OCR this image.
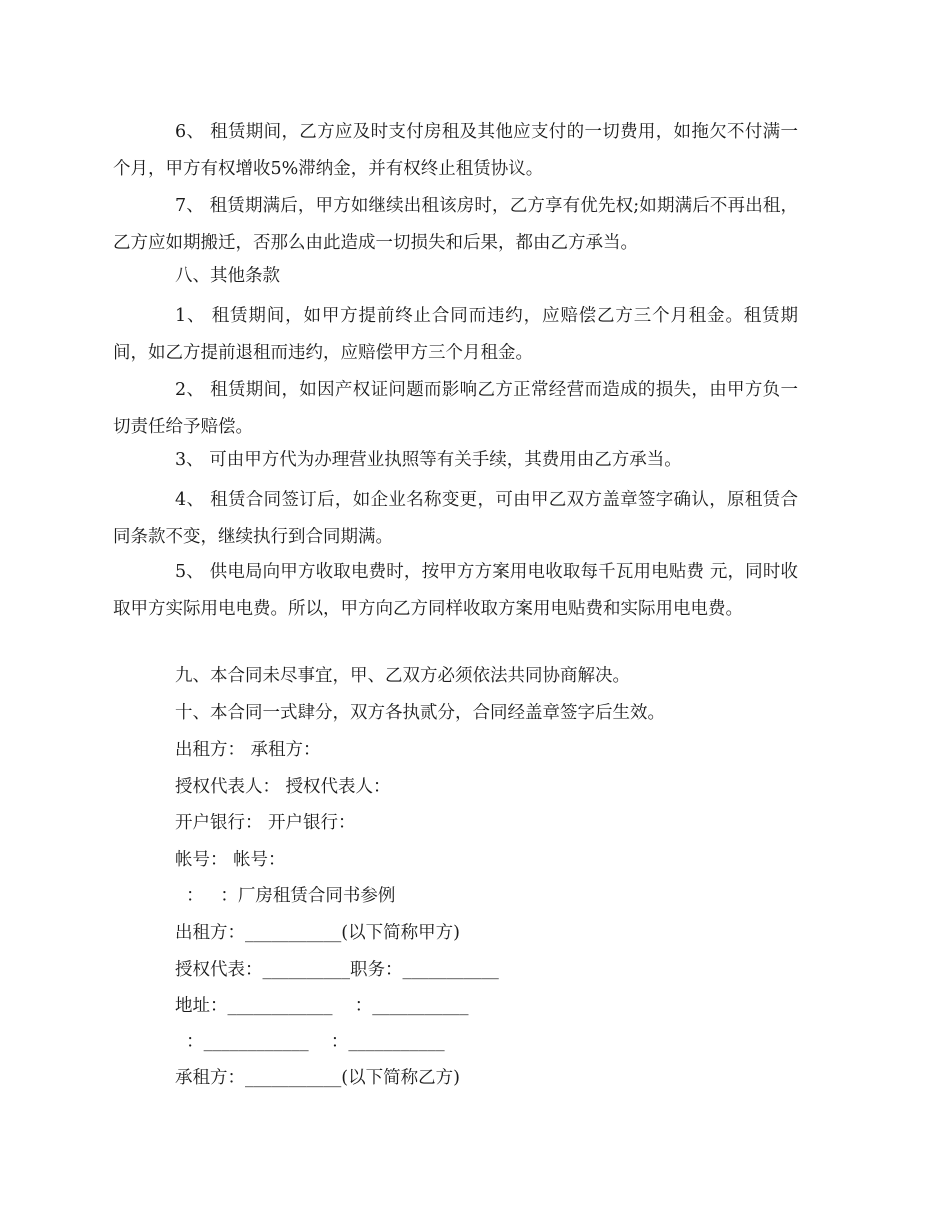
6、 租赁期间，乙方应及时支付房租及其他应支付的一切费用，如拖欠不付满一个月，甲方有权增收5%滞纳金，并有权终止租赁协议。
7、 租赁期满后，甲方如继续出租该房时，乙方享有优先权;如期满后不再出租，乙方应如期搬迁，否那么由此造成一切损失和后果，都由乙方承当。
八、其他条款
1、 租赁期间，如甲方提前终止合同而违约，应赔偿乙方三个月租金。租赁期间，如乙方提前退租而违约，应赔偿甲方三个月租金。
2、 租赁期间，如因产权证问题而影响乙方正常经营而造成的损失，由甲方负一切责任给予赔偿。
3、 可由甲方代为办理营业执照等有关手续，其费用由乙方承当。
4、 租赁合同签订后，如企业名称变更，可由甲乙双方盖章签字确认，原租赁合同条款不变，继续执行到合同期满。
5、 供电局向甲方收取电费时，按甲方方案用电收取每千瓦用电贴费 元，同时收取甲方实际用电电费。所以，甲方向乙方同样收取方案用电贴费和实际用电电费。
九、本合同未尽事宜，甲、乙双方必须依法共同协商解决。
十、本合同一式肆分，双方各执贰分，合同经盖章签字后生效。
出租方： 承租方：
授权代表人： 授权代表人：
开户银行： 开户银行：
帐号： 帐号：
：   ：厂房租赁合同书参例
出租方：___________(以下简称甲方)
授权代表：__________职务：___________
地址：____________    ：___________
：____________    ：___________
承租方：___________(以下简称乙方)
